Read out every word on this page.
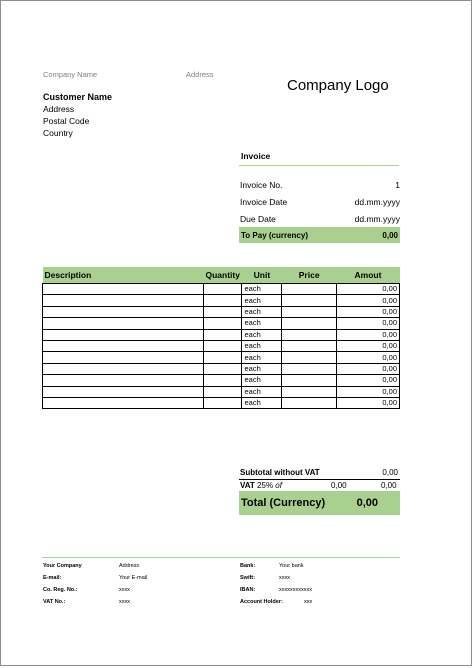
Company Name	Address
Company Logo
Customer Name
Address
Postal Code
Country
Invoice
Invoice No.	1
Invoice Date	dd.mm.yyyy
Due Date	dd.mm.yyyy
To Pay (currency)	0,00
Description	Quantity	Unit	Price	Amout
		each		0,00
		each		0,00
		each		0,00
		each		0,00
		each		0,00
		each		0,00
		each		0,00
		each		0,00
		each		0,00
		each		0,00
		each		0,00
Subtotal without VAT	0,00
VAT 25% of	0,00	0,00
Total (Currency)	0,00
Your Company	Address
E-mail:	Your E-mail
Co. Reg. No.:	xxxx
VAT No.:	xxxx
Bank:	Your bank
Swift:	xxxx
IBAN:	xxxxxxxxxxxx
Account Holder:	xxx
